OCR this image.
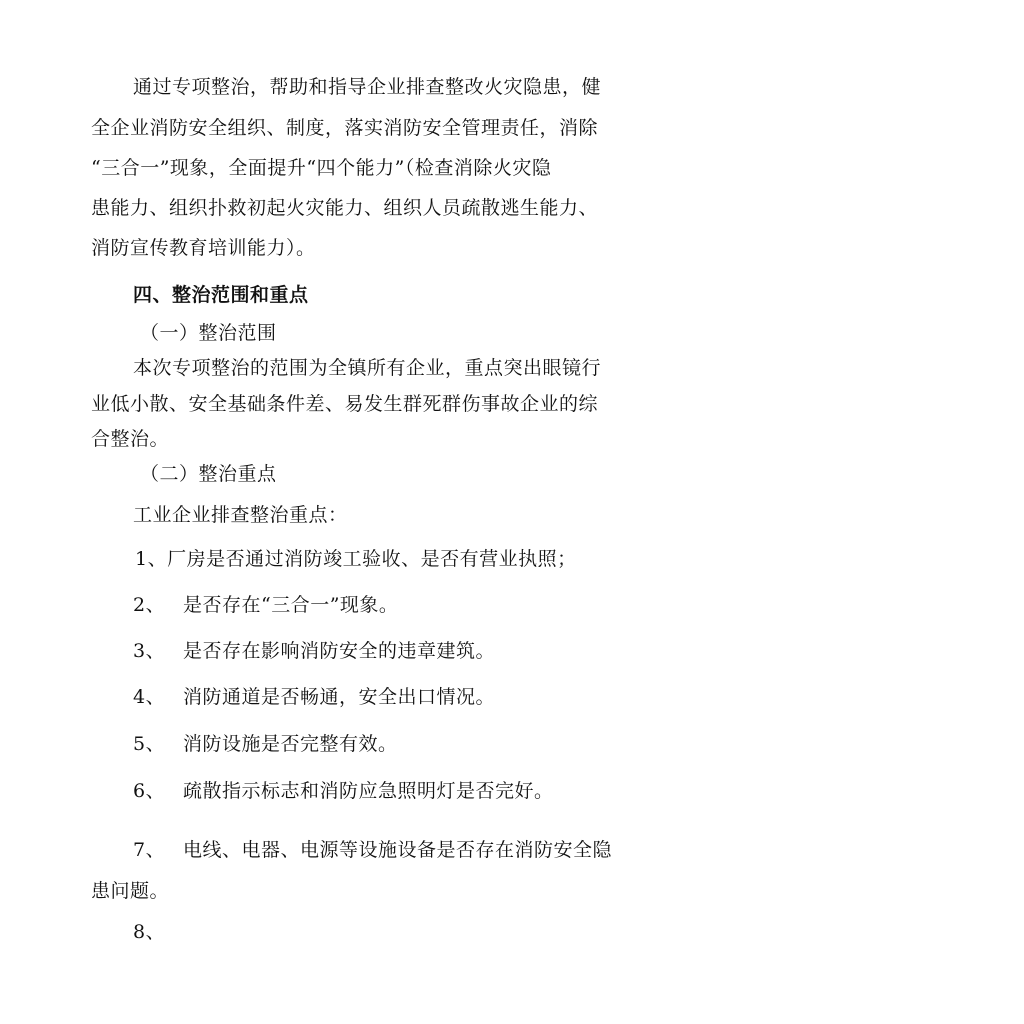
通过专项整治，帮助和指导企业排查整改火灾隐患，健
全企业消防安全组织、制度，落实消防安全管理责任，消除
“三合一”现象，全面提升“四个能力”（检查消除火灾隐
患能力、组织扑救初起火灾能力、组织人员疏散逃生能力、
消防宣传教育培训能力）。
四、整治范围和重点
（一）整治范围
本次专项整治的范围为全镇所有企业，重点突出眼镜行
业低小散、安全基础条件差、易发生群死群伤事故企业的综
合整治。
（二）整治重点
工业企业排查整治重点：
1、厂房是否通过消防竣工验收、是否有营业执照；
2、 是否存在“三合一”现象。
3、 是否存在影响消防安全的违章建筑。
4、 消防通道是否畅通，安全出口情况。
5、 消防设施是否完整有效。
6、 疏散指示标志和消防应急照明灯是否完好。
7、 电线、电器、电源等设施设备是否存在消防安全隐
患问题。
8、
